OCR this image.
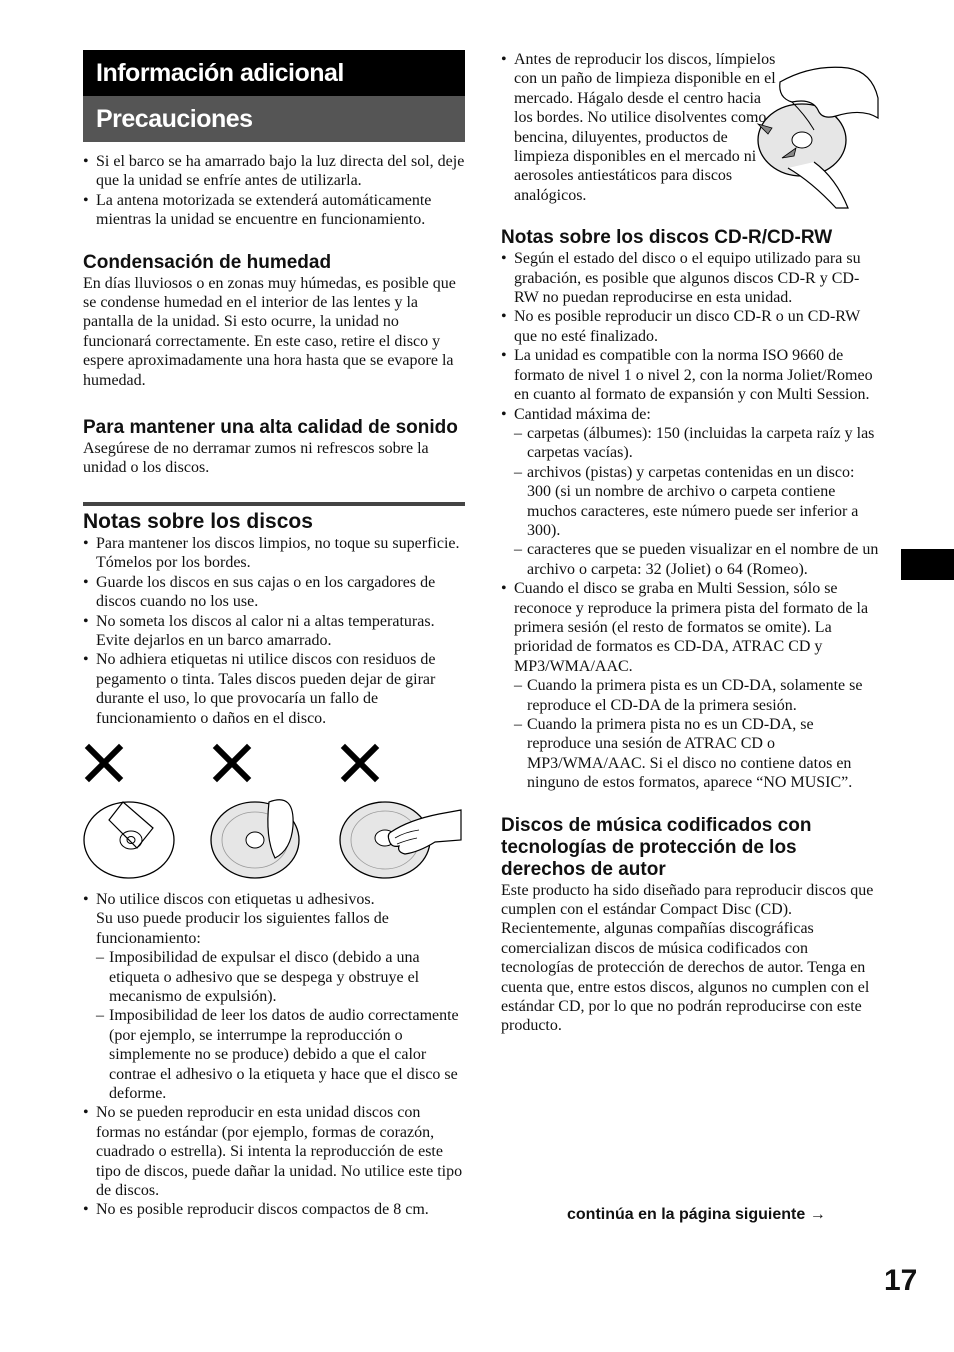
Información adicional
Precauciones
• Si el barco se ha amarrado bajo la luz directa del sol, deje que la unidad se enfríe antes de utilizarla.
• La antena motorizada se extenderá automáticamente mientras la unidad se encuentre en funcionamiento.
Condensación de humedad

En días lluviosos o en zonas muy húmedas, es posible que se condense humedad en el interior de las lentes y la pantalla de la unidad. Si esto ocurre, la unidad no funcionará correctamente. En este caso, retire el disco y espere aproximadamente una hora hasta que se evapore la humedad.

Para mantener una alta calidad de sonido

Asegúrese de no derramar zumos ni refrescos sobre la unidad o los discos.

Notas sobre los discos
• Para mantener los discos limpios, no toque su superficie. Tómelos por los bordes.
• Guarde los discos en sus cajas o en los cargadores de discos cuando no los use.
• No someta los discos al calor ni a altas temperaturas. Evite dejarlos en un barco amarrado.
• No adhiera etiquetas ni utilice discos con residuos de pegamento o tinta. Tales discos pueden dejar de girar durante el uso, lo que provocaría un fallo de funcionamiento o daños en el disco.
• No utilice discos con etiquetas u adhesivos.
Su uso puede producir los siguientes fallos de funcionamiento:
– Imposibilidad de expulsar el disco (debido a una etiqueta o adhesivo que se despega y obstruye el mecanismo de expulsión).
– Imposibilidad de leer los datos de audio correctamente (por ejemplo, se interrumpe la reproducción o simplemente no se produce) debido a que el calor contrae el adhesivo o la etiqueta y hace que el disco se deforme.
• No se pueden reproducir en esta unidad discos con formas no estándar (por ejemplo, formas de corazón, cuadrado o estrella). Si intenta la reproducción de este tipo de discos, puede dañar la unidad. No utilice este tipo de discos.
• No es posible reproducir discos compactos de 8 cm.
• Antes de reproducir los discos, límpielos con un paño de limpieza disponible en el mercado. Hágalo desde el centro hacia los bordes. No utilice disolventes como bencina, diluyentes, productos de limpieza disponibles en el mercado ni aerosoles antiestáticos para discos analógicos.
Notas sobre los discos CD-R/CD-RW
• Según el estado del disco o el equipo utilizado para su grabación, es posible que algunos discos CD-R y CD-RW no puedan reproducirse en esta unidad.
• No es posible reproducir un disco CD-R o un CD-RW que no esté finalizado.
• La unidad es compatible con la norma ISO 9660 de formato de nivel 1 o nivel 2, con la norma Joliet/Romeo en cuanto al formato de expansión y con Multi Session.
• Cantidad máxima de:
– carpetas (álbumes): 150 (incluidas la carpeta raíz y las carpetas vacías).
– archivos (pistas) y carpetas contenidas en un disco: 300 (si un nombre de archivo o carpeta contiene muchos caracteres, este número puede ser inferior a 300).
– caracteres que se pueden visualizar en el nombre de un archivo o carpeta: 32 (Joliet) o 64 (Romeo).
• Cuando el disco se graba en Multi Session, sólo se reconoce y reproduce la primera pista del formato de la primera sesión (el resto de formatos se omite). La prioridad de formatos es CD-DA, ATRAC CD y MP3/WMA/AAC.
– Cuando la primera pista es un CD-DA, solamente se reproduce el CD-DA de la primera sesión.
– Cuando la primera pista no es un CD-DA, se reproduce una sesión de ATRAC CD o MP3/WMA/AAC. Si el disco no contiene datos en ninguno de estos formatos, aparece “NO MUSIC”.
Discos de música codificados con tecnologías de protección de los derechos de autor

Este producto ha sido diseñado para reproducir discos que cumplen con el estándar Compact Disc (CD).

Recientemente, algunas compañías discográficas comercializan discos de música codificados con tecnologías de protección de derechos de autor. Tenga en cuenta que, entre estos discos, algunos no cumplen con el estándar CD, por lo que no podrán reproducirse con este producto.

continúa en la página siguiente →
17
